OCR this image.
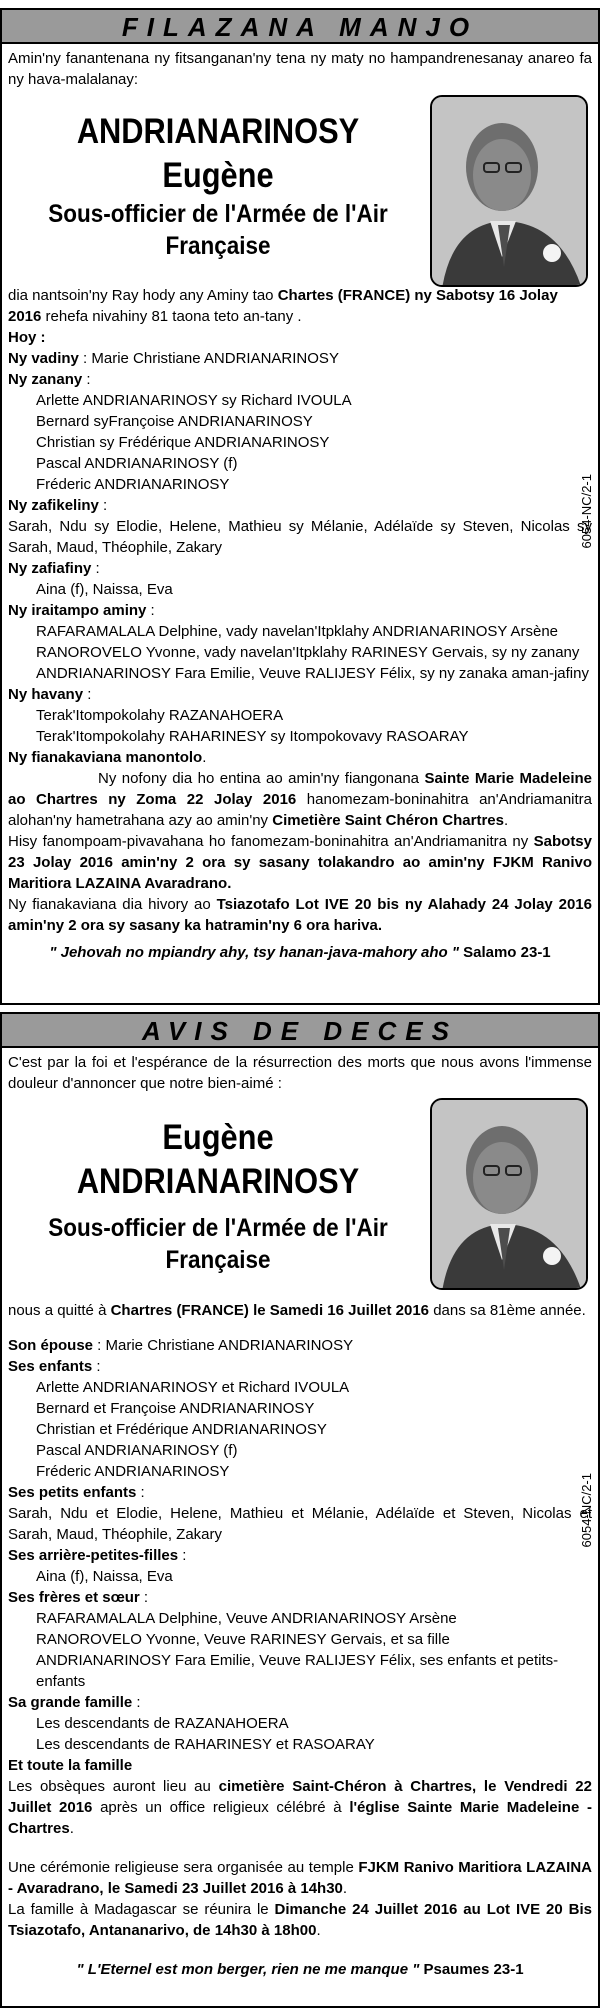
FILAZANA MANJO

Amin'ny fanantenana ny fitsanganan'ny tena ny maty no hampandrenesanay anareo fa ny hava-malalanay:

ANDRIANARINOSY
Eugène
Sous-officier de l'Armée de l'Air
Française

dia nantsoin'ny Ray hody any Aminy tao Chartes (FRANCE) ny Sabotsy 16 Jolay 2016 rehefa nivahiny 81 taona teto an-tany .

Hoy :

Ny vadiny : Marie Christiane ANDRIANARINOSY

Ny zanany :

Arlette ANDRIANARINOSY sy Richard IVOULA

Bernard syFrançoise ANDRIANARINOSY

Christian sy Frédérique ANDRIANARINOSY

Pascal ANDRIANARINOSY (f)

Fréderic ANDRIANARINOSY

Ny zafikeliny :

Sarah, Ndu sy Elodie, Helene, Mathieu sy Mélanie, Adélaïde sy Steven, Nicolas sy Sarah, Maud, Théophile, Zakary

Ny zafiafiny :

Aina (f), Naissa, Eva

Ny iraitampo aminy :

RAFARAMALALA Delphine, vady navelan'Itpklahy ANDRIANARINOSY Arsène

RANOROVELO Yvonne, vady navelan'Itpklahy RARINESY Gervais, sy ny zanany

ANDRIANARINOSY Fara Emilie, Veuve RALIJESY Félix, sy ny zanaka aman-jafiny

Ny havany :

Terak'Itompokolahy RAZANAHOERA

Terak'Itompokolahy RAHARINESY sy Itompokovavy RASOARAY

Ny fianakaviana manontolo.

Ny nofony dia ho entina ao amin'ny fiangonana Sainte Marie Madeleine ao Chartres ny Zoma 22 Jolay 2016 hanomezam-boninahitra an'Andriamanitra alohan'ny hametrahana azy ao amin'ny Cimetière Saint Chéron Chartres.

Hisy fanompoam-pivavahana ho fanomezam-boninahitra an'Andriamanitra ny Sabotsy 23 Jolay 2016 amin'ny 2 ora sy sasany tolakandro ao amin'ny FJKM Ranivo Maritiora LAZAINA Avaradrano.

Ny fianakaviana dia hivory ao Tsiazotafo Lot IVE 20 bis ny Alahady 24 Jolay 2016 amin'ny 2 ora sy sasany ka hatramin'ny 6 ora hariva.

" Jehovah no mpiandry ahy, tsy hanan-java-mahory aho " Salamo 23-1

6054-NC/2-1
AVIS DE DECES

C'est par la foi et l'espérance de la résurrection des morts que nous avons l'immense douleur d'annoncer que notre bien-aimé :

Eugène
ANDRIANARINOSY
Sous-officier de l'Armée de l'Air
Française

nous a quitté à Chartres (FRANCE) le Samedi 16 Juillet 2016 dans sa 81ème année.

Son épouse : Marie Christiane ANDRIANARINOSY

Ses enfants :

Arlette ANDRIANARINOSY et Richard IVOULA

Bernard et Françoise ANDRIANARINOSY

Christian et Frédérique ANDRIANARINOSY

Pascal ANDRIANARINOSY (f)

Fréderic ANDRIANARINOSY

Ses petits enfants :

Sarah, Ndu et Elodie, Helene, Mathieu et Mélanie, Adélaïde et Steven, Nicolas et Sarah, Maud, Théophile, Zakary

Ses arrière-petites-filles :

Aina (f), Naissa, Eva

Ses frères et sœur :

RAFARAMALALA Delphine, Veuve ANDRIANARINOSY Arsène

RANOROVELO Yvonne, Veuve RARINESY Gervais, et sa fille

ANDRIANARINOSY Fara Emilie, Veuve RALIJESY Félix, ses enfants et petits-enfants

Sa grande famille :

Les descendants de RAZANAHOERA

Les descendants de RAHARINESY et RASOARAY

Et toute la famille

Les obsèques auront lieu au cimetière Saint-Chéron à Chartres, le Vendredi 22 Juillet 2016 après un office religieux célébré à l'église Sainte Marie Madeleine - Chartres.

Une cérémonie religieuse sera organisée au temple FJKM Ranivo Maritiora LAZAINA - Avaradrano, le Samedi 23 Juillet 2016 à 14h30.

La famille à Madagascar se réunira le Dimanche 24 Juillet 2016 au Lot IVE 20 Bis Tsiazotafo, Antananarivo, de 14h30 à 18h00.

" L'Eternel est mon berger, rien ne me manque " Psaumes 23-1

6054-NC/2-1
